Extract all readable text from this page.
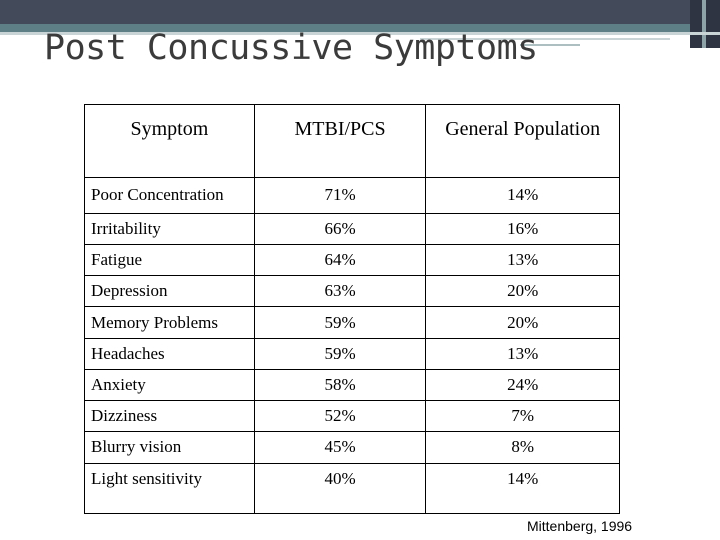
Post Concussive Symptoms
Symptom	MTBI/PCS	General Population
Poor Concentration	71%	14%
Irritability	66%	16%
Fatigue	64%	13%
Depression	63%	20%
Memory Problems	59%	20%
Headaches	59%	13%
Anxiety	58%	24%
Dizziness	52%	7%
Blurry vision	45%	8%
Light sensitivity	40%	14%
Mittenberg, 1996
